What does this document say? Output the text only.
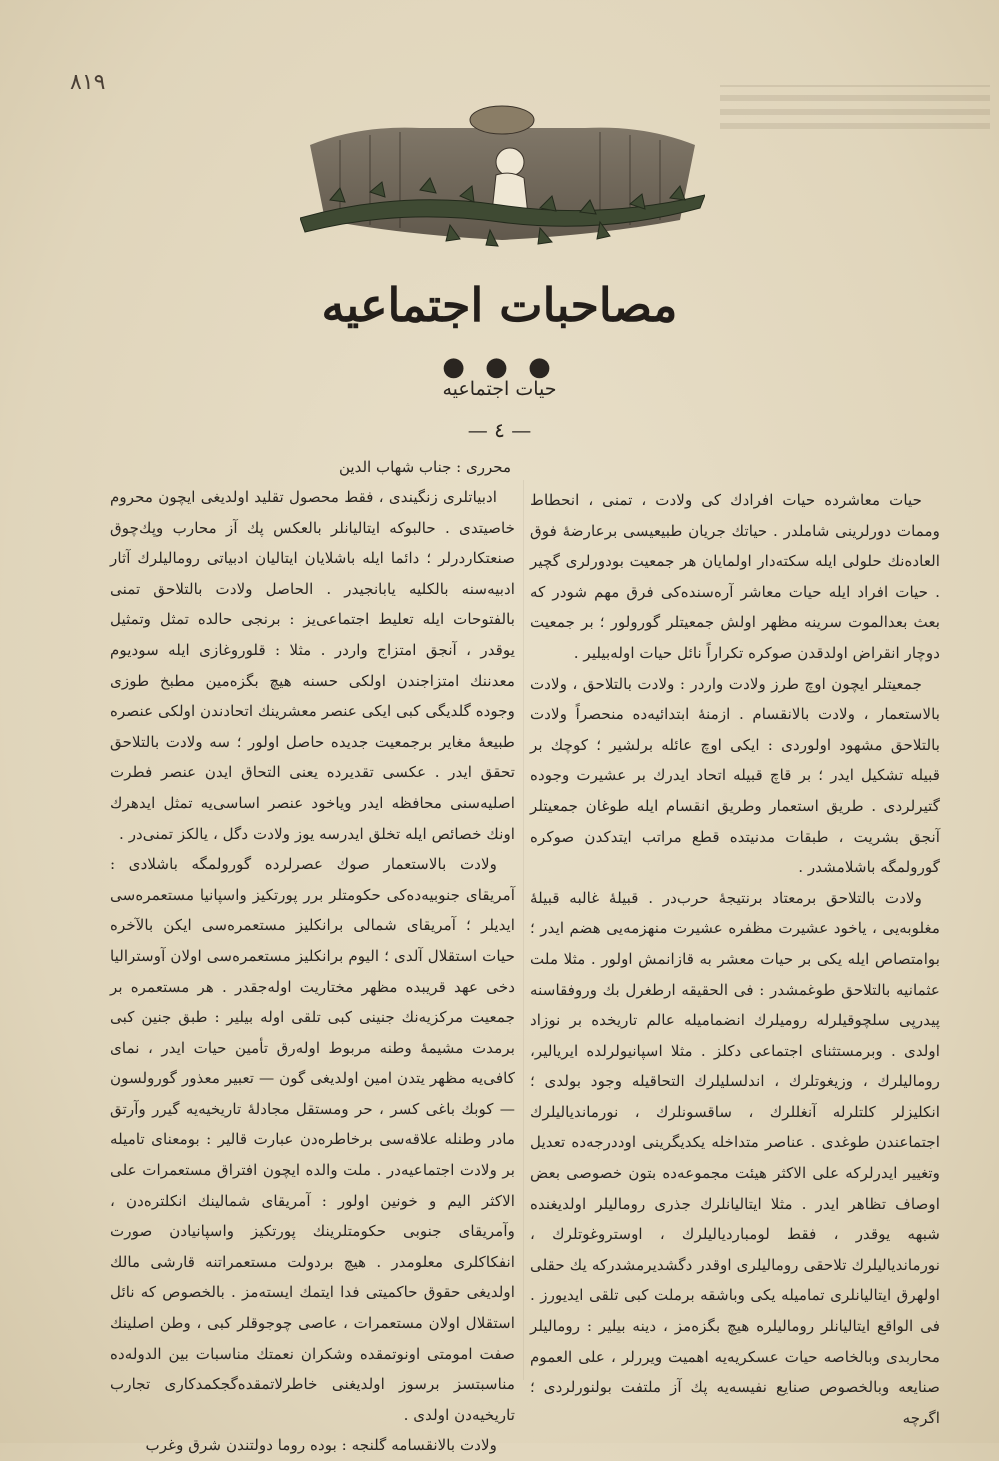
٨١٩
مصاحبات اجتماعیه
● ● ●
حیات اجتماعیه
— ٤ —
محرری : جناب شهاب الدین

حیات معاشرده حیات افرادك كی ولادت ، تمنی ، انحطاط وممات دورلرینی شاملدر . حیاتك جریان طبیعیسی برعارضهٔ فوق العاده‌نك حلولی ایله سكته‌دار اولمایان هر جمعیت بودورلری گچیر . حیات افراد ایله حیات معاشر آره‌سنده‌كی فرق مهم شودر كه بعث بعدالموت سرینه مظهر اولش جمعیتلر گورولور ؛ بر جمعیت دوچار انقراض اولدقدن صوكره تكراراً نائل حیات اوله‌بیلیر .

جمعیتلر ایچون اوچ طرز ولادت واردر : ولادت بالتلاحق ، ولادت بالاستعمار ، ولادت بالانقسام . ازمنهٔ ابتدائیه‌ده منحصراً ولادت بالتلاحق مشهود اولوردی : ایكی اوچ عائله برلشیر ؛ كوچك بر قبیله تشكیل ایدر ؛ بر قاچ قبیله اتحاد ایدرك بر عشیرت وجوده گتیرلردی . طریق استعمار وطریق انقسام ایله طوغان جمعیتلر آنجق بشریت ، طبقات مدنیتده قطع مراتب ایتدكدن صوكره گورولمگه باشلامشدر .

ولادت بالتلاحق برمعتاد برنتیجهٔ حرب‌در . قبیلهٔ غالبه قبیلهٔ مغلوبه‌یی ، یاخود عشیرت مظفره عشیرت منهزمه‌یی هضم ایدر ؛ بوامتصاص ایله یكی بر حیات معشر به قازانمش اولور . مثلا ملت عثمانیه بالتلاحق طوغمشدر : فی الحقیقه ارطغرل بك وروفقاسنه پیدرپی سلچوقیلرله رومیلرك انضمامیله عالم تاریخده بر نوزاد اولدی . وبرمستثنای اجتماعی دكلز . مثلا اسپانیولرلده ایریالیر، رومالیلرك ، وزیغوتلرك ، اندلسلیلرك التحاقیله وجود بولدی ؛ انكلیزلر كلتلرله آنغللرك ، ساقسونلرك ، نورماندیالیلرك اجتماعندن طوغدی . عناصر متداخله یكدیگرینی اوددرجه‌ده تعدیل وتغییر ایدرلركه علی الاكثر هیئت مجموعه‌ده بتون خصوصی بعض اوصاف تظاهر ایدر . مثلا ایتالیانلرك جذری رومالیلر اولدیغنده شبهه یوقدر ، فقط لومباردیالیلرك ، اوستروغوتلرك ، نورماندیالیلرك تلاحقی رومالیلری اوقدر دگشدیرمشدركه یك حقلی اولهرق ایتالیانلری تمامیله یكی وباشقه برملت كبی تلقی ایدیورز . فی الواقع ایتالیانلر رومالیلره هیچ بگزه‌مز ، دینه بیلیر : رومالیلر محاربدی وبالخاصه حیات عسكریه‌یه اهمیت ویررلر ، علی العموم صنایعه وبالخصوص صنایع نفیسه‌یه پك آز ملتفت بولنورلردی ؛ اگرچه

ادبیاتلری زنگیندی ، فقط محصول تقلید اولدیغی ایچون محروم خاصیتدی . حالبوكه ایتالیانلر بالعكس پك آز محارب وپك‌چوق صنعتكاردرلر ؛ دائما ایله باشلایان ایتالیان ادبیاتی رومالیلرك آثار ادبیه‌سنه بالكلیه یابانجیدر . الحاصل ولادت بالتلاحق تمنی بالفتوحات ایله تعلیط اجتماعی‌یز : برنجی حالده تمثل وتمثیل یوقدر ، آنجق امتزاج واردر . مثلا : قلوروغازی ایله سودیوم معدننك امتزاجندن اولكی حسنه هیچ بگزه‌مین مطبخ طوزی وجوده گلدیگی كبی ایكی عنصر معشرینك اتحادندن اولكی عنصره طبیعهٔ مغایر برجمعیت جدیده حاصل اولور ؛ سه ولادت بالتلاحق تحقق ایدر . عكسی تقدیرده یعنی التحاق ایدن عنصر فطرت اصلیه‌سنی محافظه ایدر ویاخود عنصر اساسی‌یه تمثل ایدهرك اونك خصائص ایله تخلق ایدرسه یوز ولادت دگل ، یالكز تمنی‌در .

ولادت بالاستعمار صوك عصرلرده گورولمگه باشلادی : آمریقای جنوبیه‌ده‌كی حكومتلر برر پورتكیز واسپانیا مستعمره‌سی ایدیلر ؛ آمریقای شمالی برانكلیز مستعمره‌سی ایكن بالآخره حیات استقلال آلدی ؛ الیوم برانكلیز مستعمره‌سی اولان آوسترالیا دخی عهد قریبده مظهر مختاریت اوله‌جقدر . هر مستعمره بر جمعیت مركزیه‌نك جنینی كبی تلقی اوله بیلیر : طبق جنین كبی برمدت مشیمهٔ وطنه مربوط اوله‌رق تأمین حیات ایدر ، نمای كافی‌یه مظهر یتدن امین اولدیغی گون — تعبیر معذور گورولسون — كوبك باغی كسر ، حر ومستقل مجادلهٔ تاریخیه‌یه گیرر وآرتق مادر وطنله علاقه‌سی برخاطره‌دن عبارت قالیر : بومعنای تامیله بر ولادت اجتماعیه‌در . ملت والده ایچون افتراق مستعمرات علی الاكثر الیم و خونین اولور : آمریقای شمالینك انكلتره‌دن ، وآمریقای جنوبی حكومتلرینك پورتكیز واسپانیادن صورت انفكاكلری معلومدر . هیچ بردولت مستعمراتنه قارشی مالك اولدیغی حقوق حاكمیتی فدا ایتمك ایسته‌مز . بالخصوص كه نائل استقلال اولان مستعمرات ، عاصی چوجوقلر كبی ، وطن اصلینك صفت امومتی اونوتمقده وشكران نعمتك مناسبات بین الدوله‌ده مناسبتسز برسوز اولدیغنی خاطرلاتمقده‌گجكمدكاری تجارب تاریخیه‌دن اولدی .

ولادت بالانقسامه گلنجه : بوده روما دولتندن شرق وغرب
